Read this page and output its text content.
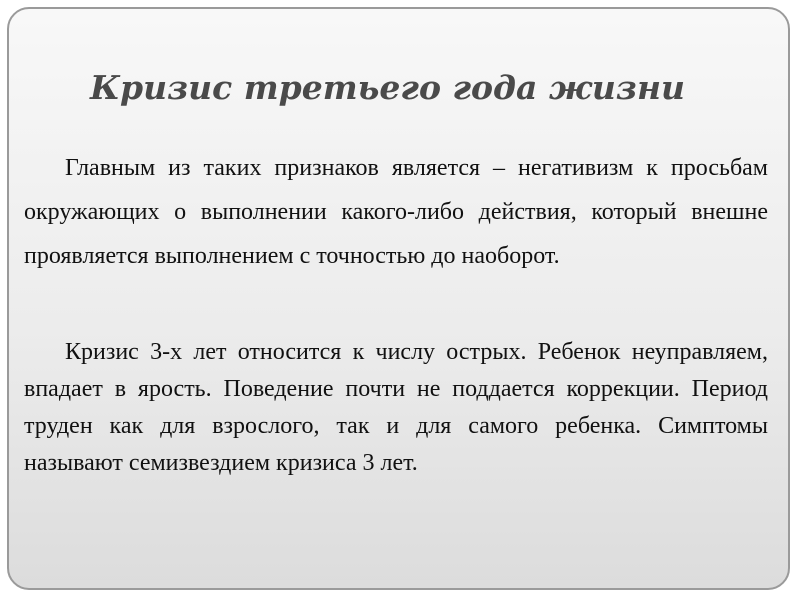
Кризис третьего года жизни

Главным из таких признаков является – негативизм к просьбам окружающих о выполнении какого-либо действия, который внешне проявляется выполнением с точностью до наоборот.

Кризис 3-х лет относится к числу острых. Ребенок неуправляем, впадает в ярость. Поведение почти не поддается коррекции. Период труден как для взрослого, так и для самого ребенка. Симптомы называют семизвездием кризиса 3 лет.
